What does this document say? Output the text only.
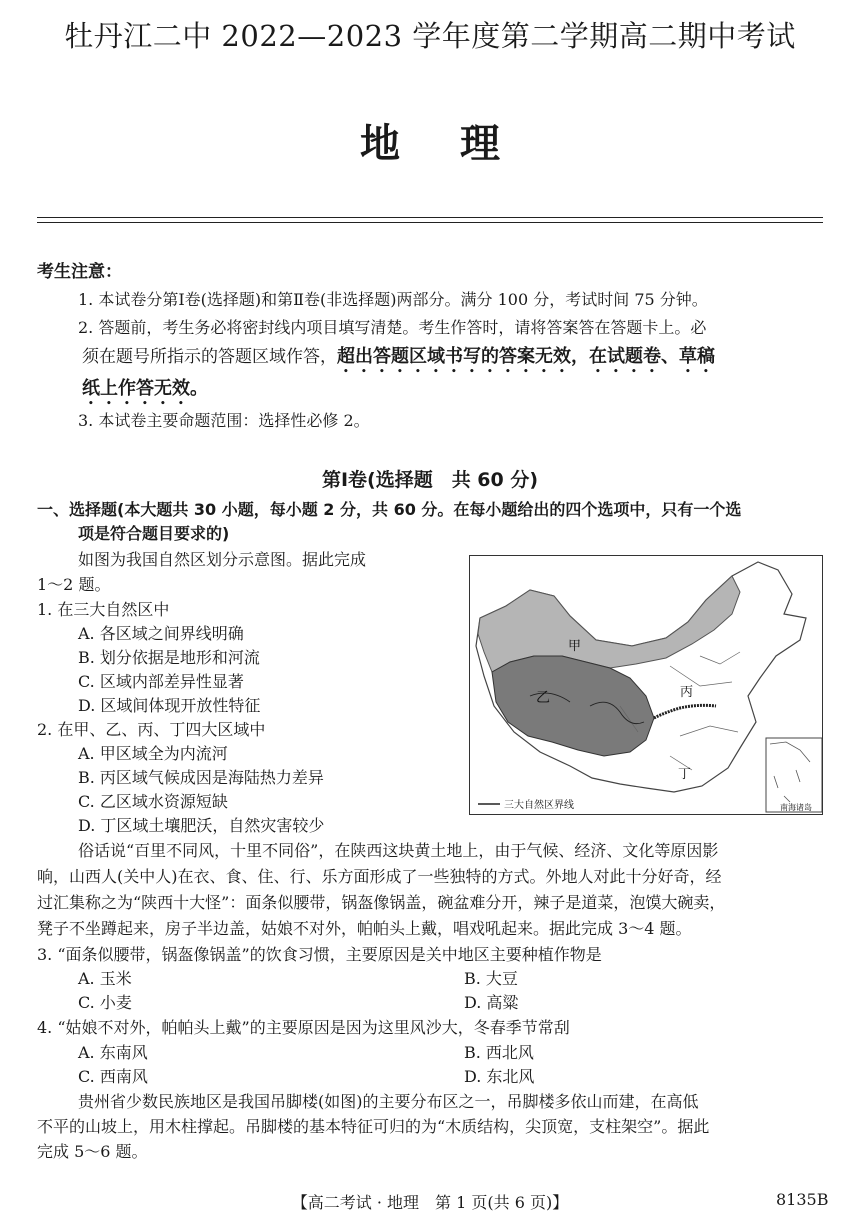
牡丹江二中 2022—2023 学年度第二学期高二期中考试
地理
考生注意：
1. 本试卷分第Ⅰ卷(选择题)和第Ⅱ卷(非选择题)两部分。满分 100 分，考试时间 75 分钟。
2. 答题前，考生务必将密封线内项目填写清楚。考生作答时，请将答案答在答题卡上。必
须在题号所指示的答题区域作答，超出答题区域书写的答案无效，在试题卷、草稿
纸上作答无效。
3. 本试卷主要命题范围：选择性必修 2。
第Ⅰ卷(选择题　共 60 分)
一、选择题(本大题共 30 小题，每小题 2 分，共 60 分。在每小题给出的四个选项中，只有一个选
项是符合题目要求的)
如图为我国自然区划分示意图。据此完成
1～2 题。
1. 在三大自然区中
A. 各区域之间界线明确
B. 划分依据是地形和河流
C. 区域内部差异性显著
D. 区域间体现开放性特征
2. 在甲、乙、丙、丁四大区域中
A. 甲区域全为内流河
B. 丙区域气候成因是海陆热力差异
C. 乙区域水资源短缺
D. 丁区域土壤肥沃，自然灾害较少
甲
乙	丙
丁
三大自然区界线	南海诸岛
俗话说“百里不同风，十里不同俗”，在陕西这块黄土地上，由于气候、经济、文化等原因影
响，山西人(关中人)在衣、食、住、行、乐方面形成了一些独特的方式。外地人对此十分好奇，经
过汇集称之为“陕西十大怪”：面条似腰带，锅盔像锅盖，碗盆难分开，辣子是道菜，泡馍大碗卖，
凳子不坐蹲起来，房子半边盖，姑娘不对外，帕帕头上戴，唱戏吼起来。据此完成 3～4 题。
3. “面条似腰带，锅盔像锅盖”的饮食习惯，主要原因是关中地区主要种植作物是
A. 玉米	B. 大豆
C. 小麦	D. 高粱
4. “姑娘不对外，帕帕头上戴”的主要原因是因为这里风沙大，冬春季节常刮
A. 东南风	B. 西北风
C. 西南风	D. 东北风
贵州省少数民族地区是我国吊脚楼(如图)的主要分布区之一，吊脚楼多依山而建，在高低
不平的山坡上，用木柱撑起。吊脚楼的基本特征可归的为“木质结构，尖顶宽，支柱架空”。据此
完成 5～6 题。
【高二考试 · 地理　第 1 页(共 6 页)】	8135B
